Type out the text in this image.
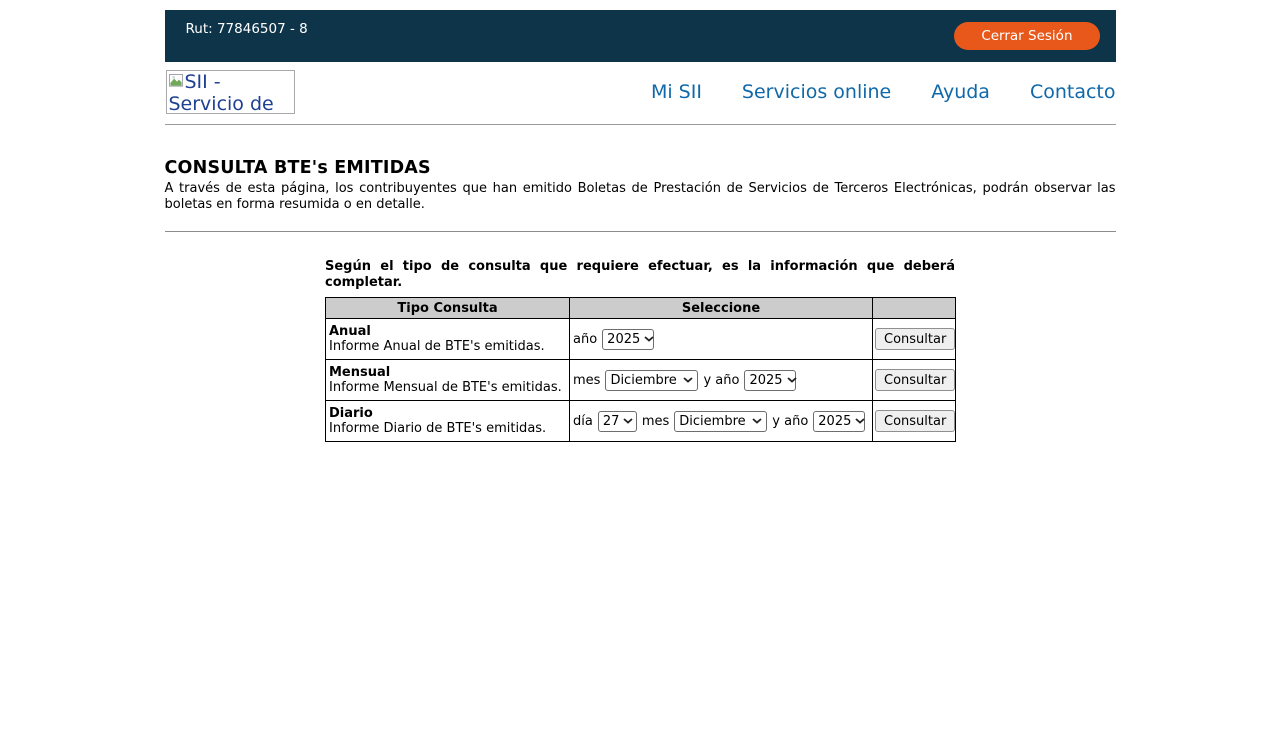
Rut: 77846507 - 8	Cerrar Sesión
SII - Servicio de
Mi SII Servicios online Ayuda Contacto
CONSULTA BTE's EMITIDAS
A través de esta página, los contribuyentes que han emitido Boletas de Prestación de Servicios de Terceros Electrónicas, podrán observar las boletas en forma resumida o en detalle.
Según el tipo de consulta que requiere efectuar, es la información que deberá completar.
Tipo Consulta	Seleccione	

Anual
Informe Anual de BTE's emitidas.	año 2025	Consultar

Mensual
Informe Mensual de BTE's emitidas.	mes Diciembre y año 2025	Consultar

Diario
Informe Diario de BTE's emitidas.	día 27 mes Diciembre y año 2025	Consultar
